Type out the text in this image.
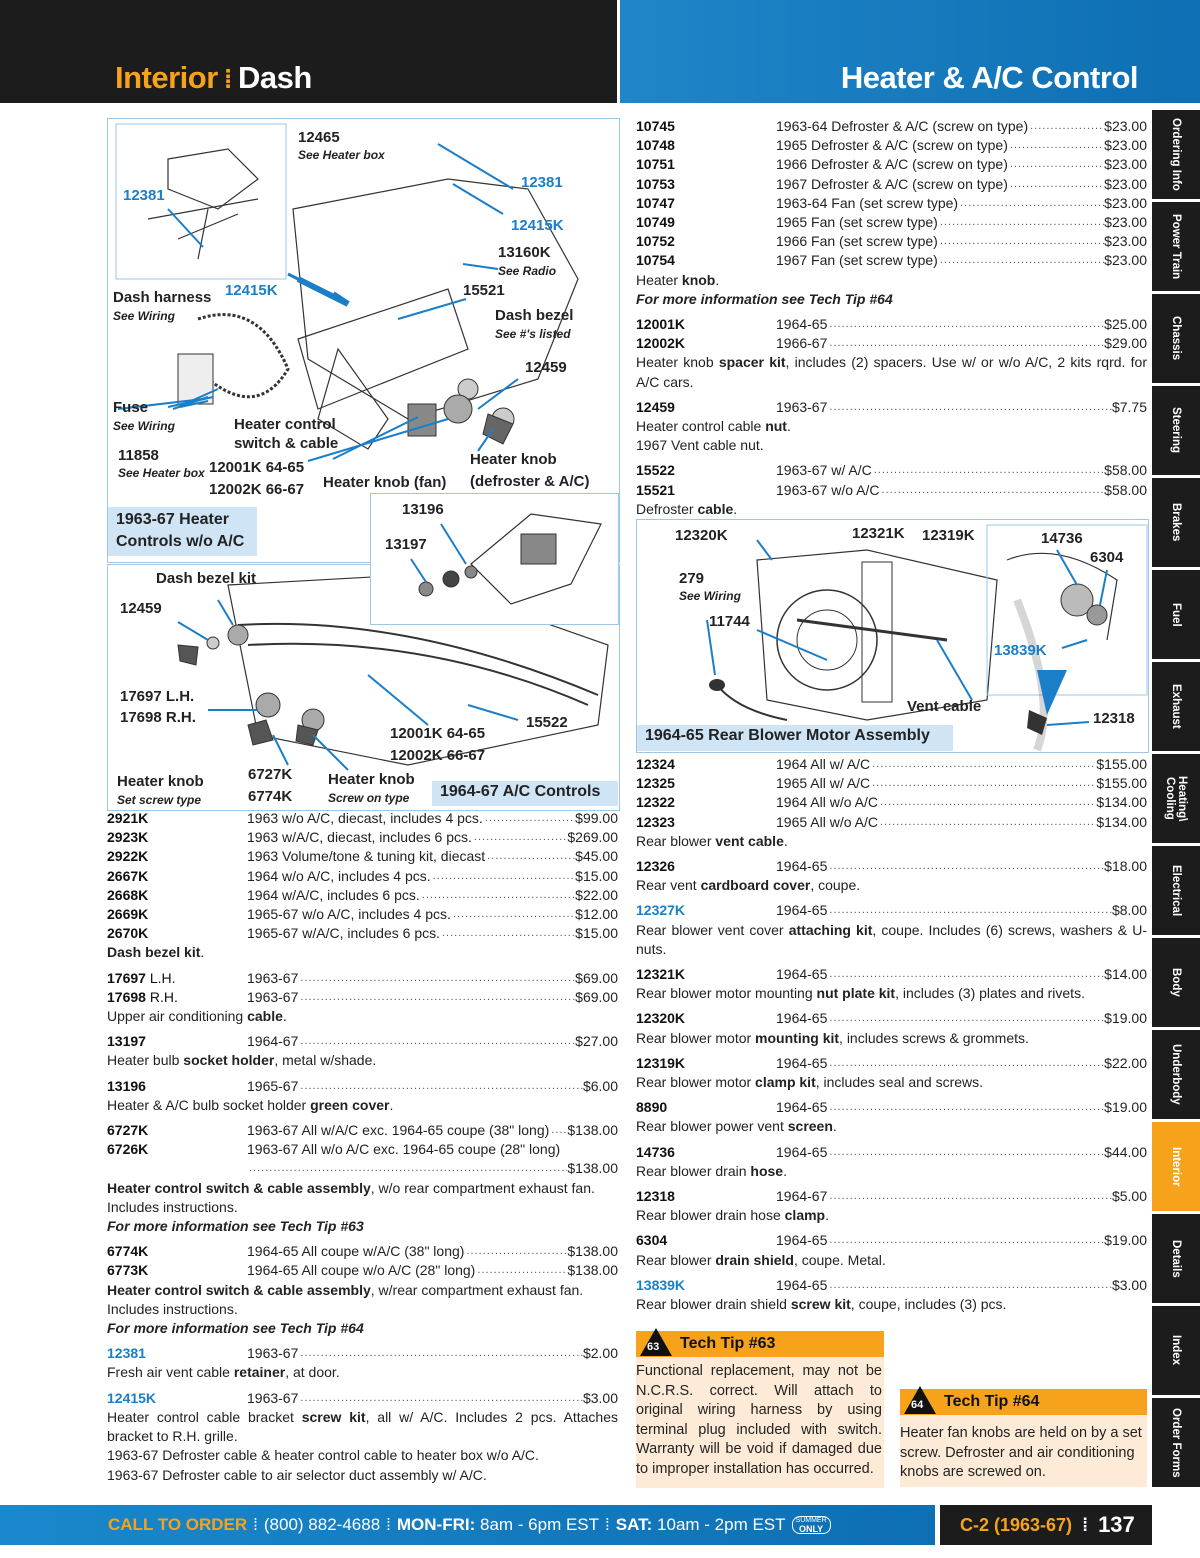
Interior ⁞ Dash	Heater & A/C Control
Ordering Info
Power Train
Chassis
Steering
Brakes
Fuel
Exhaust
Heating\ Cooling
Electrical
Body
Underbody
Interior
Details
Index
Order Forms
12465
See Heater box
12381
12381
12415K
12415K
13160K
See Radio
15521
Dash harness
See Wiring	Dash bezel
See #'s listed
12459
Fuse
See Wiring	Heater control
switch & cable
11858
See Heater box
Heater knob
(defroster & A/C)
12001K 64-65
12002K 66-67 Heater knob (fan)
1963-67 Heater Controls w/o A/C
13196
13197
Dash bezel kit
12459
17697 L.H.
17698 R.H.
12001K 64-65
12002K 66-67
15522
Heater knob
Set screw type
6727K
6774K
Heater knob
Screw on type	1964-67 A/C Controls
12320K	12321K 12319K	14736
6304
279
See Wiring
11744
13839K
Vent cable
12318
1964-65 Rear Blower Motor Assembly
2921K	1963 w/o A/C, diecast, includes 4 pcs. .....	$99.00
2923K	1963 w/A/C, diecast, includes 6 pcs. .....	$269.00
2922K	1963 Volume/tone & tuning kit, diecast .....	$45.00
2667K	1964 w/o A/C, includes 4 pcs. .....	$15.00
2668K	1964 w/A/C, includes 6 pcs. .....	$22.00
2669K	1965-67 w/o A/C, includes 4 pcs. .....	$12.00
2670K	1965-67 w/A/C, includes 6 pcs. .....	$15.00
Dash bezel kit.
17697 L.H.	1963-67 .....	$69.00
17698 R.H.	1963-67 .....	$69.00
Upper air conditioning cable.
13197	1964-67 .....	$27.00
Heater bulb socket holder, metal w/shade.
13196	1965-67 .....	$6.00
Heater & A/C bulb socket holder green cover.
6727K	1963-67 All w/A/C exc. 1964-65 coupe (38" long) ..... $138.00
6726K	1963-67 All w/o A/C exc. 1964-65 coupe (28" long)
.....
$138.00
Heater control switch & cable assembly, w/o rear compartment exhaust fan. Includes instructions.
For more information see Tech Tip #63
6774K	1964-65 All coupe w/A/C (38" long) .....	$138.00
6773K	1964-65 All coupe w/o A/C (28" long) .....	$138.00
Heater control switch & cable assembly, w/rear compartment exhaust fan. Includes instructions.
For more information see Tech Tip #64
12381	1963-67 .....	$2.00
Fresh air vent cable retainer, at door.
12415K	1963-67 .....	$3.00
Heater control cable bracket screw kit, all w/ A/C. Includes 2 pcs. Attaches bracket to R.H. grille.
1963-67 Defroster cable & heater control cable to heater box w/o A/C.
1963-67 Defroster cable to air selector duct assembly w/ A/C.
10745	1963-64 Defroster & A/C (screw on type) .....	$23.00
10748	1965 Defroster & A/C (screw on type) .....	$23.00
10751	1966 Defroster & A/C (screw on type) .....	$23.00
10753	1967 Defroster & A/C (screw on type) .....	$23.00
10747	1963-64 Fan (set screw type) .....	$23.00
10749	1965 Fan (set screw type) .....	$23.00
10752	1966 Fan (set screw type) .....	$23.00
10754	1967 Fan (set screw type) .....	$23.00
Heater knob.
For more information see Tech Tip #64
12001K	1964-65 .....	$25.00
12002K	1966-67 .....	$29.00
Heater knob spacer kit, includes (2) spacers. Use w/ or w/o A/C, 2 kits rqrd. for A/C cars.
12459	1963-67 .....	$7.75
Heater control cable nut.
1967 Vent cable nut.
15522	1963-67 w/ A/C .....	$58.00
15521	1963-67 w/o A/C .....	$58.00
Defroster cable.
12324	1964 All w/ A/C .....	$155.00
12325	1965 All w/ A/C .....	$155.00
12322	1964 All w/o A/C .....	$134.00
12323	1965 All w/o A/C .....	$134.00
Rear blower vent cable.
12326	1964-65 .....	$18.00
Rear vent cardboard cover, coupe.
12327K	1964-65 .....	$8.00
Rear blower vent cover attaching kit, coupe. Includes (6) screws, washers & U-nuts.
12321K	1964-65 .....	$14.00
Rear blower motor mounting nut plate kit, includes (3) plates and rivets.
12320K	1964-65 .....	$19.00
Rear blower motor mounting kit, includes screws & grommets.
12319K	1964-65 .....	$22.00
Rear blower motor clamp kit, includes seal and screws.
8890	1964-65 .....	$19.00
Rear blower power vent screen.
14736	1964-65 .....	$44.00
Rear blower drain hose.
12318	1964-67 .....	$5.00
Rear blower drain hose clamp.
6304	1964-65 .....	$19.00
Rear blower drain shield, coupe. Metal.
13839K	1964-65 .....	$3.00
Rear blower drain shield screw kit, coupe, includes (3) pcs.
63 Tech Tip #63
Functional replacement, may not be N.C.R.S. correct. Will attach to original wiring harness by using terminal plug included with switch. Warranty will be void if damaged due to improper installation has occurred.
64 Tech Tip #64
Heater fan knobs are held on by a set screw. Defroster and air conditioning knobs are screwed on.
CALL TO ORDER ⁞ (800) 882-4688 ⁞ MON-FRI:
8am - 6pm EST ⁞ SAT:
10am - 2pm EST SUMMER
ONLY	C-2 (1963-67) ⁞ 137
